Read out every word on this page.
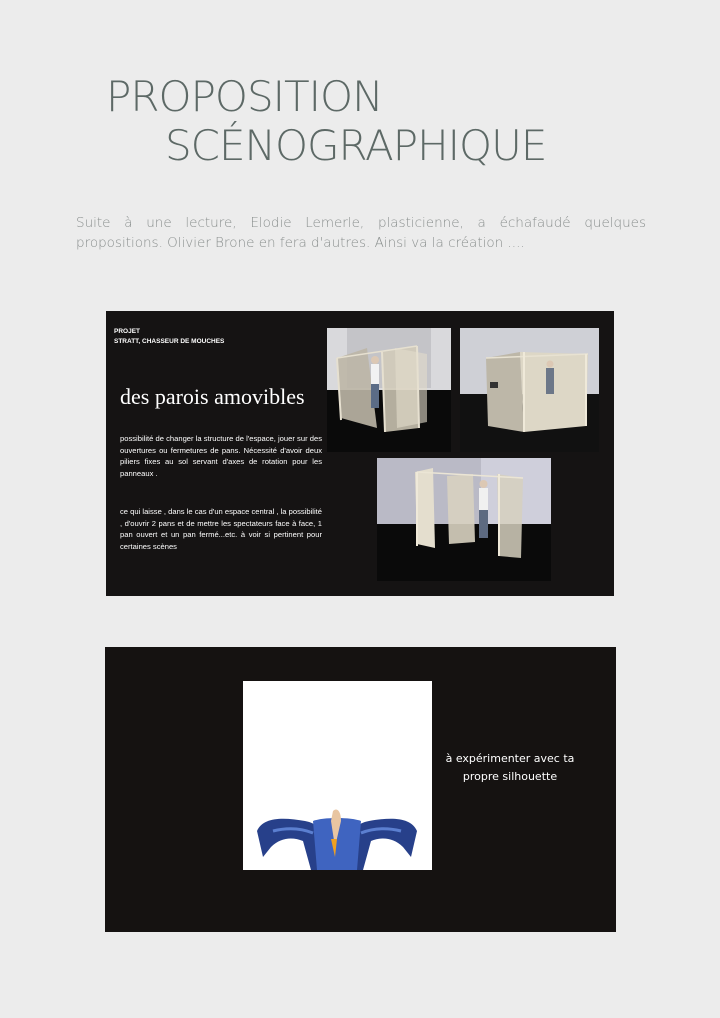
PROPOSITION
SCÉNOGRAPHIQUE
Suite à une lecture, Elodie Lemerle, plasticienne, a échafaudé quelques propositions. Olivier Brone en fera d'autres. Ainsi va la création ....
PROJET
STRATT, CHASSEUR DE MOUCHES
des parois amovibles
possibilité de changer la structure de l'espace, jouer sur des ouvertures ou fermetures de pans. Nécessité d'avoir deux piliers fixes au sol servant d'axes de rotation pour les panneaux .
ce qui laisse , dans le cas d'un espace central , la possibilité , d'ouvrir 2 pans et de mettre les spectateurs face à face, 1 pan ouvert et un pan fermé...etc. à voir si pertinent pour certaines scènes
à expérimenter avec ta propre silhouette
